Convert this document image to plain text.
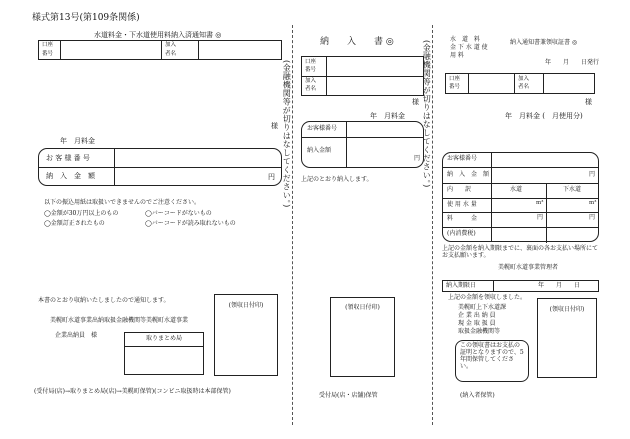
様式第13号(第109条関係)
水道料金・下水道使用料納入済通知書 ◎
口座
番号
加入
者名
様
年　月料金
お 客 様 番 号
納　入　金　額	円
以下の振込用紙は取扱いできませんのでご注意ください。
◯金額が30万円以上のもの
◯金額訂正されたもの
◯バーコードがないもの
◯バーコードが読み取れないもの
本書のとおり収納いたしましたので通知します。
美幌町水道事業出納取扱金融機関等美幌町水道事業
企業出納員　様	取りまとめ局
(領収日付印)
(受付局(店)→取りまとめ局(店)→美幌町保管)(コンビニ取扱時は本部保管)
(金融機関等が切りはなしてください。)	(金融機関等が切りはなしてください。)
納　　入　　書 ◎
口座
番号
加入
者名
様
年　月料金
お客様番号
納入金額
円
上記のとおり納入します。
(領収日付印)
受付局(店・店舗)保管
水　道　料
金 下 水 道 使
用 料
納入通知書兼領収証書 ◎
年　　月　　日発行
口座
番号
加入
者名
様
年　月料金 (　月使用分)
お客様番号
納　入　金　額	円
内　　訳	水道	下水道
使 用 水 量	m³	m³
料　　　金	円	円
(内消費税)
上記の金額を納入期限までに、裏面の各お支払い場所にてお支払願います。
美幌町水道事業管理者
納入期限日	年　　月　　日
上記の金額を領収しました。
美幌町上下水道課
企 業 出 納 員
現 金 取 扱 員
取扱金融機関等
この領収書はお支払の証明となりますので、5年間保管してください。
(領収日付印)
(納入者保管)
